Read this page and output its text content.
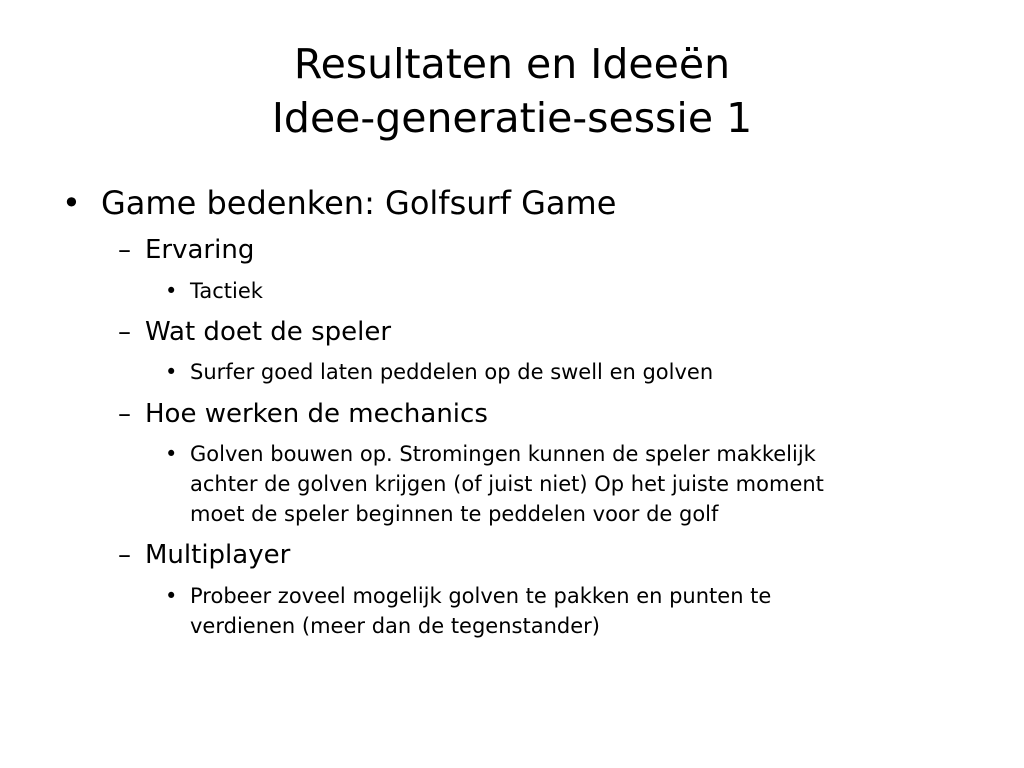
Resultaten en Ideeën
Idee-generatie-sessie 1
• Game bedenken: Golfsurf Game
– Ervaring
• Tactiek
– Wat doet de speler
• Surfer goed laten peddelen op de swell en golven
– Hoe werken de mechanics
• Golven bouwen op. Stromingen kunnen de speler makkelijk
achter de golven krijgen (of juist niet) Op het juiste moment
moet de speler beginnen te peddelen voor de golf
– Multiplayer
• Probeer zoveel mogelijk golven te pakken en punten te
verdienen (meer dan de tegenstander)
